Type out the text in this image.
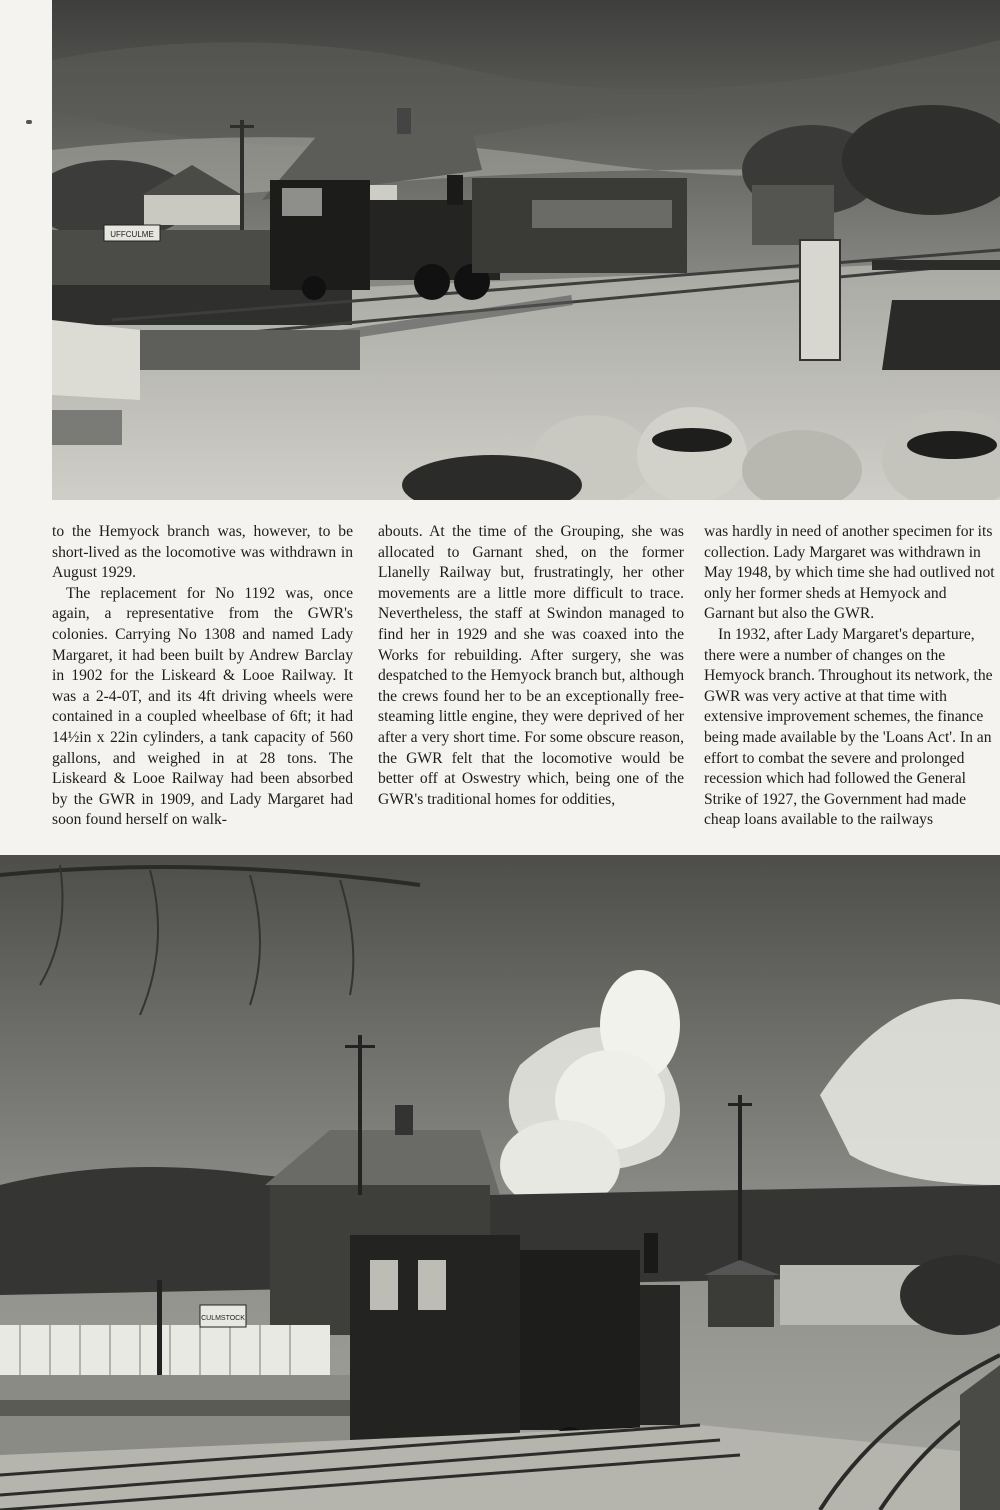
UFFCULME

to the Hemyock branch was, however, to be short-lived as the locomotive was withdrawn in August 1929.

The replacement for No 1192 was, once again, a representative from the GWR's colonies. Carrying No 1308 and named Lady Margaret, it had been built by Andrew Barclay in 1902 for the Liskeard & Looe Railway. It was a 2-4-0T, and its 4ft driving wheels were contained in a coupled wheelbase of 6ft; it had 14½in x 22in cylinders, a tank capacity of 560 gallons, and weighed in at 28 tons. The Liskeard & Looe Railway had been absorbed by the GWR in 1909, and Lady Margaret had soon found herself on walk-

abouts. At the time of the Grouping, she was allocated to Garnant shed, on the former Llanelly Railway but, frustratingly, her other movements are a little more difficult to trace. Nevertheless, the staff at Swindon managed to find her in 1929 and she was coaxed into the Works for rebuilding. After surgery, she was despatched to the Hemyock branch but, although the crews found her to be an exceptionally free-steaming little engine, they were deprived of her after a very short time. For some obscure reason, the GWR felt that the locomotive would be better off at Oswestry which, being one of the GWR's traditional homes for oddities,

was hardly in need of another specimen for its collection. Lady Margaret was withdrawn in May 1948, by which time she had outlived not only her former sheds at Hemyock and Garnant but also the GWR.

In 1932, after Lady Margaret's departure, there were a number of changes on the Hemyock branch. Throughout its network, the GWR was very active at that time with extensive improvement schemes, the finance being made available by the 'Loans Act'. In an effort to combat the severe and prolonged recession which had followed the General Strike of 1927, the Government had made cheap loans available to the railways

CULMSTOCK
